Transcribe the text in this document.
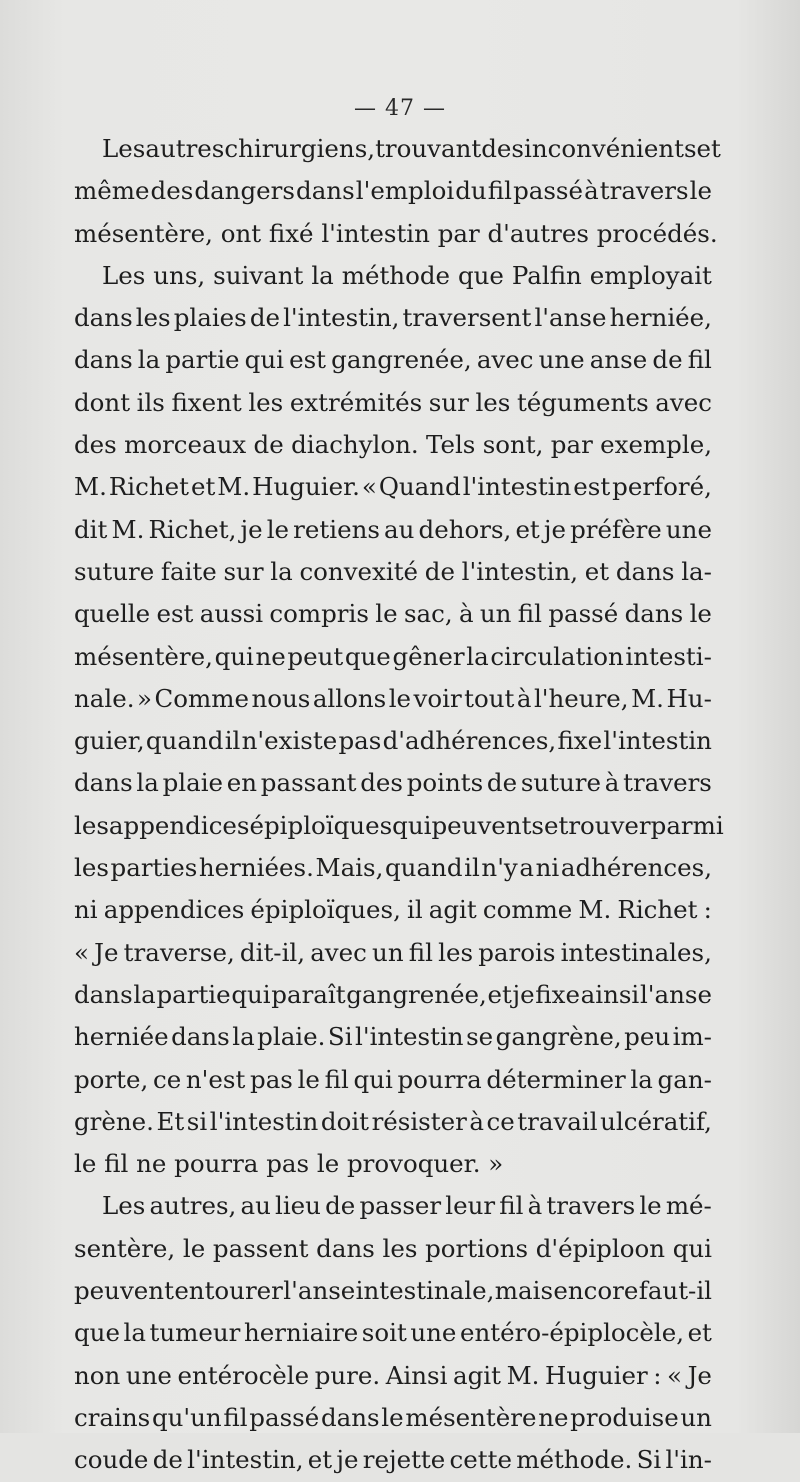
— 47 —
Les autres chirurgiens, trouvant des inconvénients et
même des dangers dans l'emploi du fil passé à travers le
mésentère, ont fixé l'intestin par d'autres procédés.
Les uns, suivant la méthode que Palfin employait
dans les plaies de l'intestin, traversent l'anse herniée,
dans la partie qui est gangrenée, avec une anse de fil
dont ils fixent les extrémités sur les téguments avec
des morceaux de diachylon. Tels sont, par exemple,
M. Richet et M. Huguier. « Quand l'intestin est perforé,
dit M. Richet, je le retiens au dehors, et je préfère une
suture faite sur la convexité de l'intestin, et dans la-
quelle est aussi compris le sac, à un fil passé dans le
mésentère, qui ne peut que gêner la circulation intesti-
nale. » Comme nous allons le voir tout à l'heure, M. Hu-
guier, quand il n'existe pas d'adhérences, fixe l'intestin
dans la plaie en passant des points de suture à travers
les appendices épiploïques qui peuvent se trouver parmi
les parties herniées. Mais, quand il n'y a ni adhérences,
ni appendices épiploïques, il agit comme M. Richet :
« Je traverse, dit-il, avec un fil les parois intestinales,
dans la partie qui paraît gangrenée, et je fixe ainsi l'anse
herniée dans la plaie. Si l'intestin se gangrène, peu im-
porte, ce n'est pas le fil qui pourra déterminer la gan-
grène. Et si l'intestin doit résister à ce travail ulcératif,
le fil ne pourra pas le provoquer. »
Les autres, au lieu de passer leur fil à travers le mé-
sentère, le passent dans les portions d'épiploon qui
peuvent entourer l'anse intestinale, mais encore faut-il
que la tumeur herniaire soit une entéro-épiplocèle, et
non une entérocèle pure. Ainsi agit M. Huguier : « Je
crains qu'un fil passé dans le mésentère ne produise un
coude de l'intestin, et je rejette cette méthode. Si l'in-
